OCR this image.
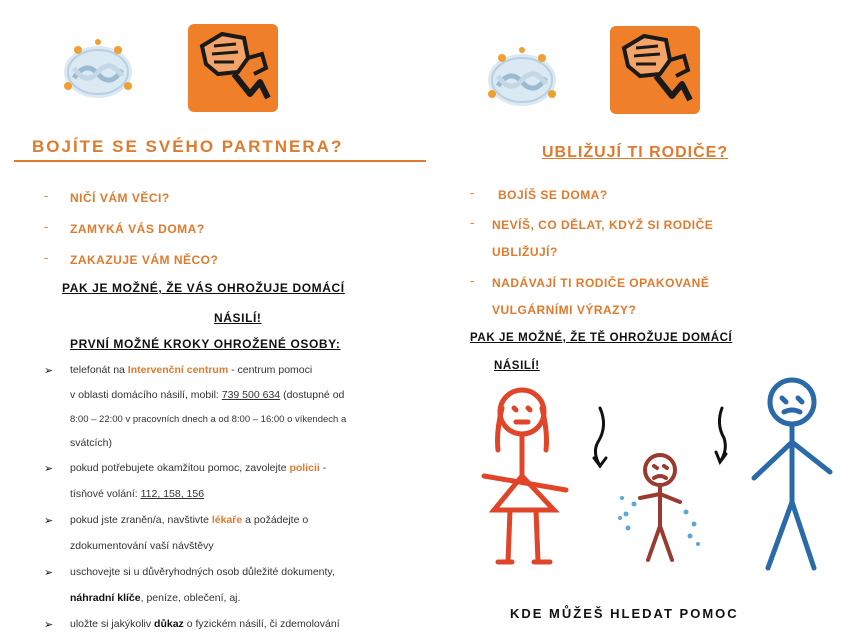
BOJÍTE SE SVÉHO PARTNERA?
- NIČÍ VÁM VĚCI?
- ZAMYKÁ VÁS DOMA?
- ZAKAZUJE VÁM NĚCO?
PAK JE MOŽNÉ, ŽE VÁS OHROŽUJE DOMÁCÍ
NÁSILÍ!
PRVNÍ MOŽNÉ KROKY OHROŽENÉ OSOBY:
➢ telefonát na Intervenční centrum - centrum pomoci
v oblasti domácího násilí, mobil: 739 500 634 (dostupné od
8:00 – 22:00 v pracovních dnech a od 8:00 – 16:00 o víkendech a
svátcích)
➢ pokud potřebujete okamžitou pomoc, zavolejte policii -
tísňové volání: 112, 158, 156
➢ pokud jste zraněn/a, navštivte lékaře a požádejte o
zdokumentování vaší návštěvy
➢ uschovejte si u důvěryhodných osob důležité dokumenty,
náhradní klíče, peníze, oblečení, aj.
➢ uložte si jakýkoliv důkaz o fyzickém násilí, či zdemolování
UBLIŽUJÍ TI RODIČE?
- BOJÍŠ SE DOMA?
- NEVÍŠ, CO DĚLAT, KDYŽ SI RODIČE
UBLIŽUJÍ?
- NADÁVAJÍ TI RODIČE OPAKOVANĚ
VULGÁRNÍMI VÝRAZY?
PAK JE MOŽNÉ, ŽE TĚ OHROŽUJE DOMÁCÍ
NÁSILÍ!
KDE MŮŽEŠ HLEDAT POMOC
